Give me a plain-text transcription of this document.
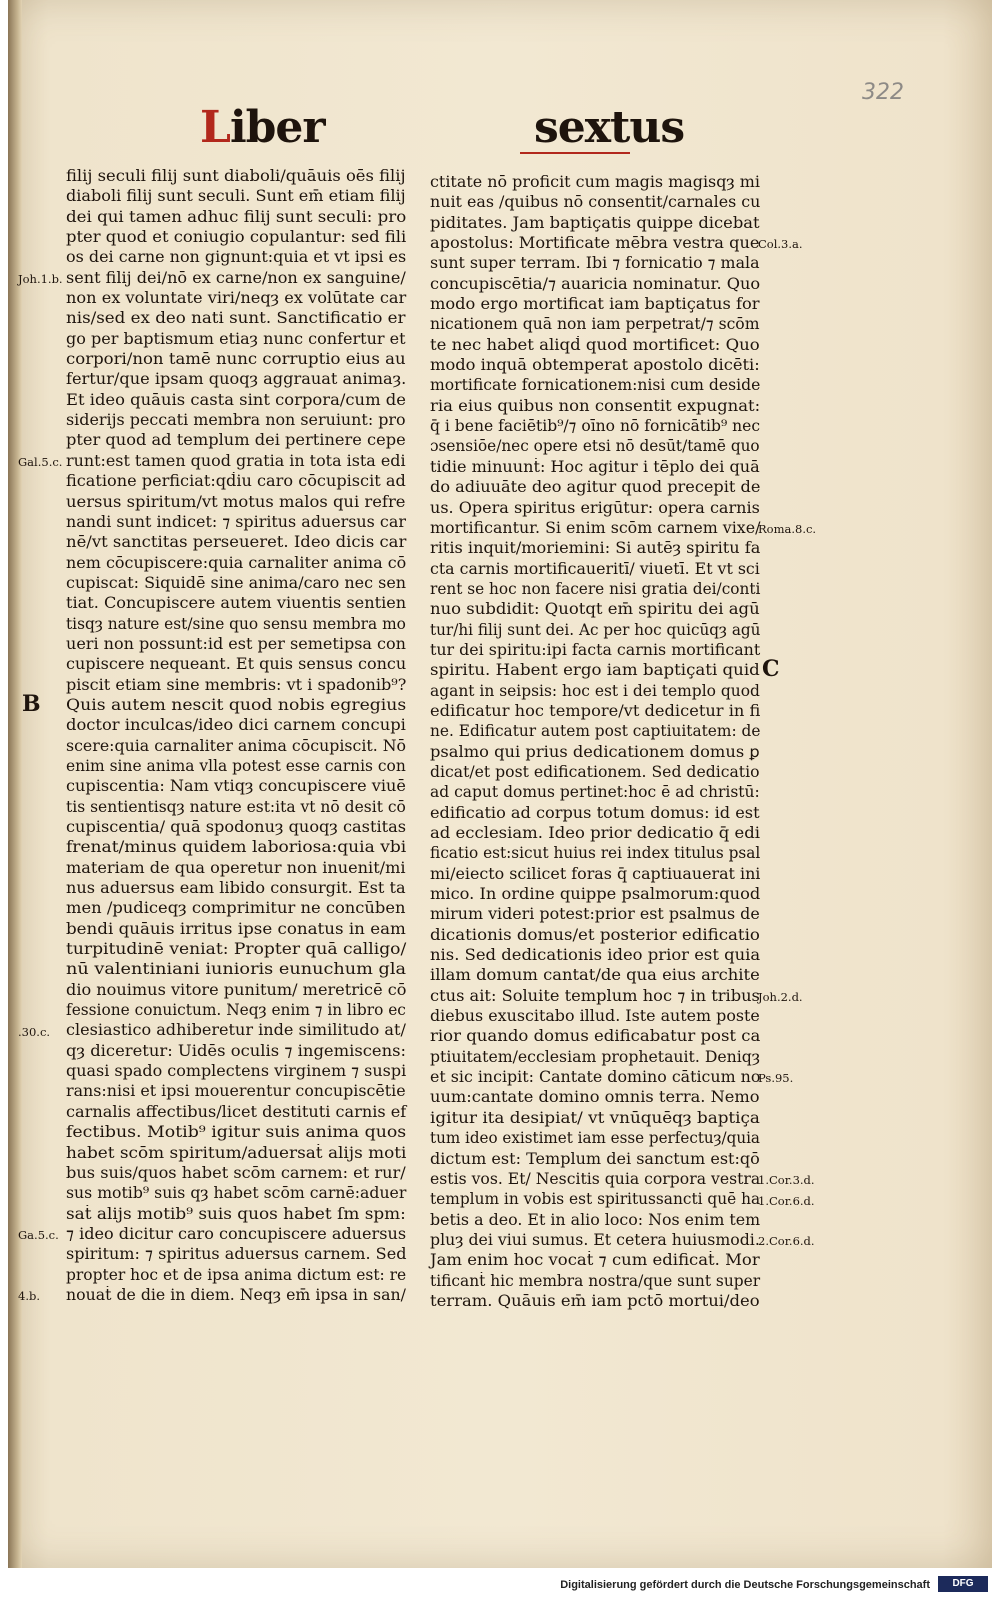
322
Liber	sextus
filij seculi filij sunt diaboli/quāuis oēs filij
diaboli filij sunt seculi. Sunt em̄ etiam filij
dei qui tamen adhuc filij sunt seculi: pro
pter quod et coniugio copulantur: sed fili
os dei carne non gignunt:quia et vt ipsi es
sent filij dei/nō ex carne/non ex sanguine/
non ex voluntate viri/neqȝ ex volūtate car
nis/sed ex deo nati sunt. Sanctificatio er
go per baptismum etiaȝ nunc confertur et
corpori/non tamē nunc corruptio eius au
fertur/que ipsam quoqȝ aggrauat animaȝ.
Et ideo quāuis casta sint corpora/cum de
siderijs peccati membra non seruiunt: pro
pter quod ad templum dei pertinere cepe
runt:est tamen quod gratia in tota ista edi
ficatione perficiat:qḋiu caro cōcupiscit ad
uersus spiritum/vt motus malos qui refre
nandi sunt indicet: ⁊ spiritus aduersus car
nē/vt sanctitas perseueret. Ideo dicis car
nem cōcupiscere:quia carnaliter anima cō
cupiscat: Siquidē sine anima/caro nec sen
tiat. Concupiscere autem viuentis sentien
tisqȝ nature est/sine quo sensu membra mo
ueri non possunt:id est per semetipsa con
cupiscere nequeant. Et quis sensus concu
piscit etiam sine membris: vt i spadonib⁹?
Quis autem nescit quod nobis egregius
doctor inculcas/ideo dici carnem concupi
scere:quia carnaliter anima cōcupiscit. Nō
enim sine anima vlla potest esse carnis con
cupiscentia: Nam vtiqȝ concupiscere viuē
tis sentientisqȝ nature est:ita vt nō desit cō
cupiscentia/ quā spodonuȝ quoqȝ castitas
frenat/minus quidem laboriosa:quia vbi
materiam de qua operetur non inuenit/mi
nus aduersus eam libido consurgit. Est ta
men /pudiceqȝ comprimitur ne concūben
bendi quāuis irritus ipse conatus in eam
turpitudinē veniat: Propter quā calligo/
nū valentiniani iunioris eunuchum gla
dio nouimus vitore punitum/ meretricē cō
fessione conuictum. Neqȝ enim ⁊ in libro ec
clesiastico adhiberetur inde similitudo at/
qȝ diceretur: Uidēs oculis ⁊ ingemiscens:
quasi spado complectens virginem ⁊ suspi
rans:nisi et ipsi mouerentur concupiscētie
carnalis affectibus/licet destituti carnis ef
fectibus. Motib⁹ igitur suis anima quos
habet scōm spiritum/aduersaṫ alijs moti
bus suis/quos habet scōm carnem: et rur/
sus motib⁹ suis qȝ habet scōm carnē:aduer
saṫ alijs motib⁹ suis quos habet ſm spm:
⁊ ideo dicitur caro concupiscere aduersus
spiritum: ⁊ spiritus aduersus carnem. Sed
propter hoc et de ipsa anima dictum est: re
nouaṫ de die in diem. Neqȝ em̄ ipsa in san/
ctitate nō proficit cum magis magisqȝ mi
nuit eas /quibus nō consentit/carnales cu
piditates. Jam baptiçatis quippe dicebat
apostolus: Mortificate mēbra vestra que
sunt super terram. Ibi ⁊ fornicatio ⁊ mala
concupiscētia/⁊ auaricia nominatur. Quo
modo ergo mortificat iam baptiçatus for
nicationem quā non iam perpetrat/⁊ scōm
te nec habet aliqḋ quod mortificet: Quo
modo inquā obtemperat apostolo dicēti:
mortificate fornicationem:nisi cum deside
ria eius quibus non consentit expugnat:
q̄ i bene faciētib⁹/⁊ oīno nō fornicātib⁹ nec
ɔsensiōe/nec opere etsi nō desūt/tamē quo
tidie minuunṫ: Hoc agitur i tēplo dei quā
do adiuuāte deo agitur quod precepit de
us. Opera spiritus erigūtur: opera carnis
mortificantur. Si enim scōm carnem vixe/
ritis inquit/moriemini: Si autēȝ spiritu fa
cta carnis mortificaueritī/ viuetī. Et vt sci
rent se hoc non facere nisi gratia dei/conti
nuo subdidit: Quotqt em̄ spiritu dei agū
tur/hi filij sunt dei. Ac per hoc quicūqȝ agū
tur dei spiritu:ipi facta carnis mortificant
spiritu. Habent ergo iam baptiçati quid
agant in seipsis: hoc est i dei templo quod
edificatur hoc tempore/vt dedicetur in fi
ne. Edificatur autem post captiuitatem: de
psalmo qui prius dedicationem domus ꝑ
dicat/et post edificationem. Sed dedicatio
ad caput domus pertinet:hoc ē ad christū:
edificatio ad corpus totum domus: id est
ad ecclesiam. Ideo prior dedicatio q̄ edi
ficatio est:sicut huius rei index titulus psal
mi/eiecto scilicet foras q̄ captiuauerat ini
mico. In ordine quippe psalmorum:quod
mirum videri potest:prior est psalmus de
dicationis domus/et posterior edificatio
nis. Sed dedicationis ideo prior est quia
illam domum cantat/de qua eius archite
ctus ait: Soluite templum hoc ⁊ in tribus
diebus exuscitabo illud. Iste autem poste
rior quando domus edificabatur post ca
ptiuitatem/ecclesiam prophetauit. Deniqȝ
et sic incipit: Cantate domino cāticum no
uum:cantate domino omnis terra. Nemo
igitur ita desipiat/ vt vnūquēqȝ baptiça
tum ideo existimet iam esse perfectuȝ/quia
dictum est: Templum dei sanctum est:qō
estis vos. Et/ Nescitis quia corpora vestra
templum in vobis est spiritussancti quē ha
betis a deo. Et in alio loco: Nos enim tem
pluȝ dei viui sumus. Et cetera huiusmodi.
Jam enim hoc vocaṫ ⁊ cum edificaṫ. Mor
tificanṫ hic membra nostra/que sunt super
terram. Quāuis em̄ iam pctō mortui/deo
Joh.1.b.
Gal.5.c.
.30.c.
Ga.5.c.
4.b.
Col.3.a.
Roma.8.c.
Joh.2.d.
Ps.95.
1.Cor.3.d.
1.Cor.6.d.
2.Cor.6.d.
B
C
Digitalisierung gefördert durch die Deutsche Forschungsgemeinschaft	DFG
